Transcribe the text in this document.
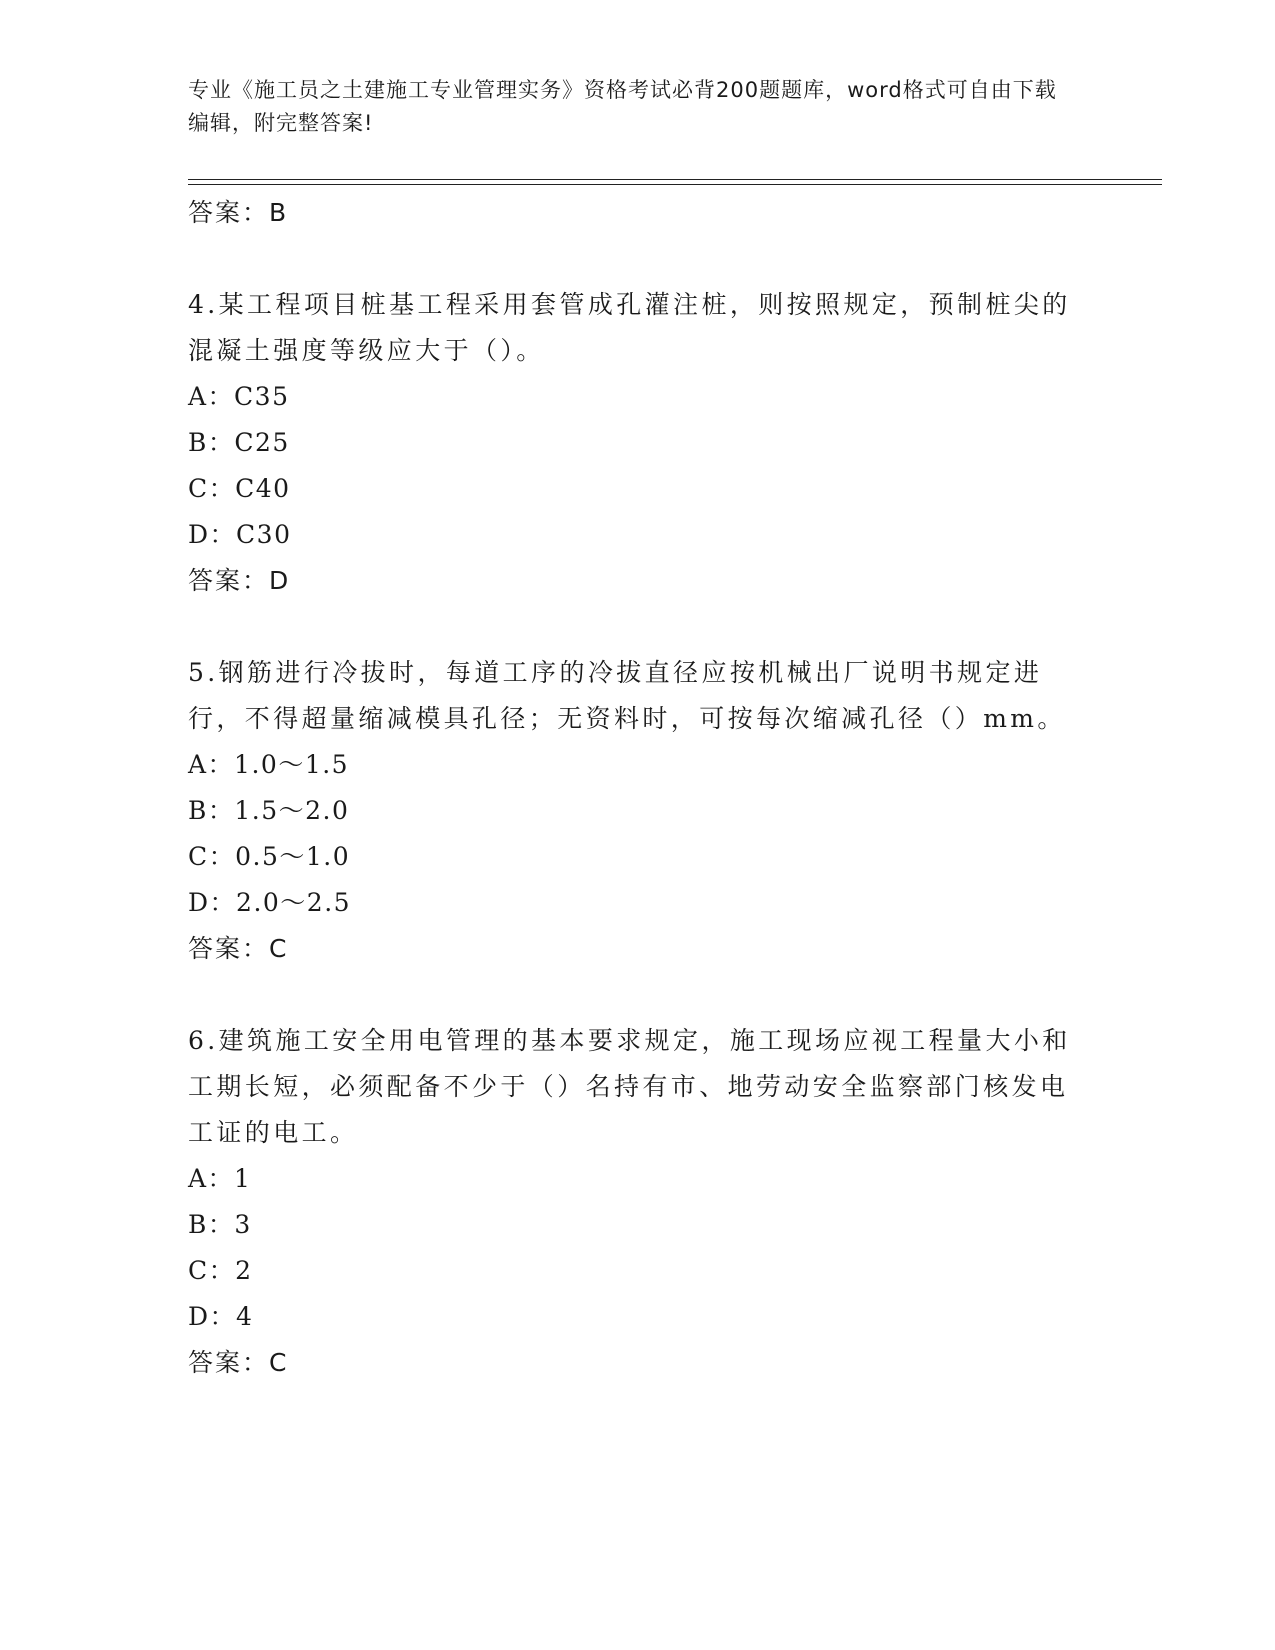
专业《施工员之土建施工专业管理实务》资格考试必背200题题库，word格式可自由下载编辑，附完整答案!
答案：B
4.某工程项目桩基工程采用套管成孔灌注桩，则按照规定，预制桩尖的混凝土强度等级应大于（）。
A：C35
B：C25
C：C40
D：C30
答案：D
5.钢筋进行冷拔时，每道工序的冷拔直径应按机械出厂说明书规定进行，不得超量缩减模具孔径；无资料时，可按每次缩减孔径（）mm。
A：1.0～1.5
B：1.5～2.0
C：0.5～1.0
D：2.0～2.5
答案：C
6.建筑施工安全用电管理的基本要求规定，施工现场应视工程量大小和工期长短，必须配备不少于（）名持有市、地劳动安全监察部门核发电工证的电工。
A：1
B：3
C：2
D：4
答案：C
